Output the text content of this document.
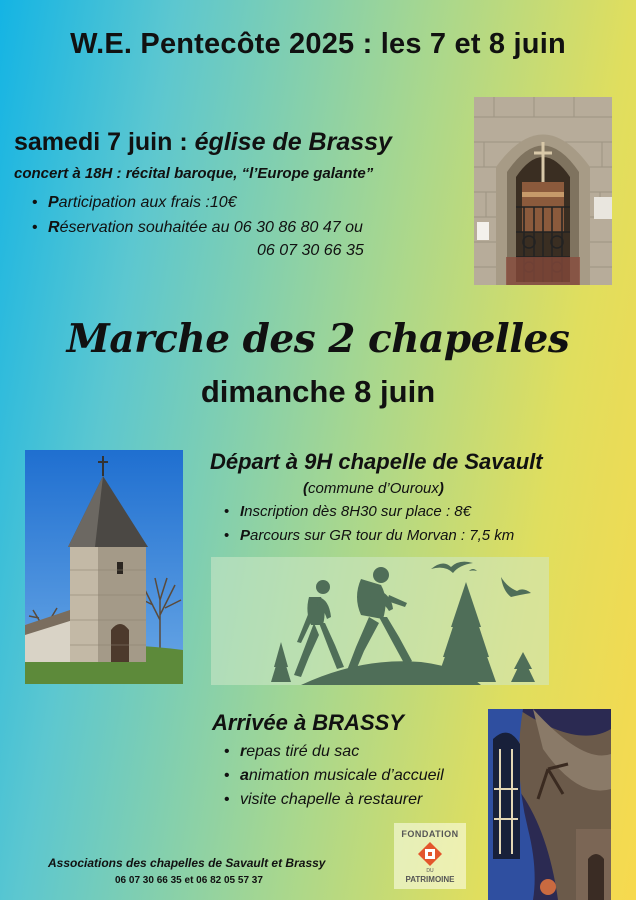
W.E. Pentecôte 2025 : les 7 et 8 juin
samedi 7 juin : église de Brassy
concert à 18H : récital baroque, “l’Europe galante”
• Participation aux frais :10€
• Réservation souhaitée au 06 30 86 80 47 ou
06 07 30 66 35
Marche des 2 chapelles
dimanche 8 juin
Départ à 9H chapelle de Savault
(commune d’Ouroux)
• Inscription dès 8H30 sur place : 8€
• Parcours sur GR tour du Morvan : 7,5 km
Arrivée à BRASSY
• repas tiré du sac
• animation musicale d’accueil
• visite chapelle à restaurer
Associations des chapelles de Savault et Brassy
06 07 30 66 35 et 06 82 05 57 37
FONDATION
DU
PATRIMOINE
